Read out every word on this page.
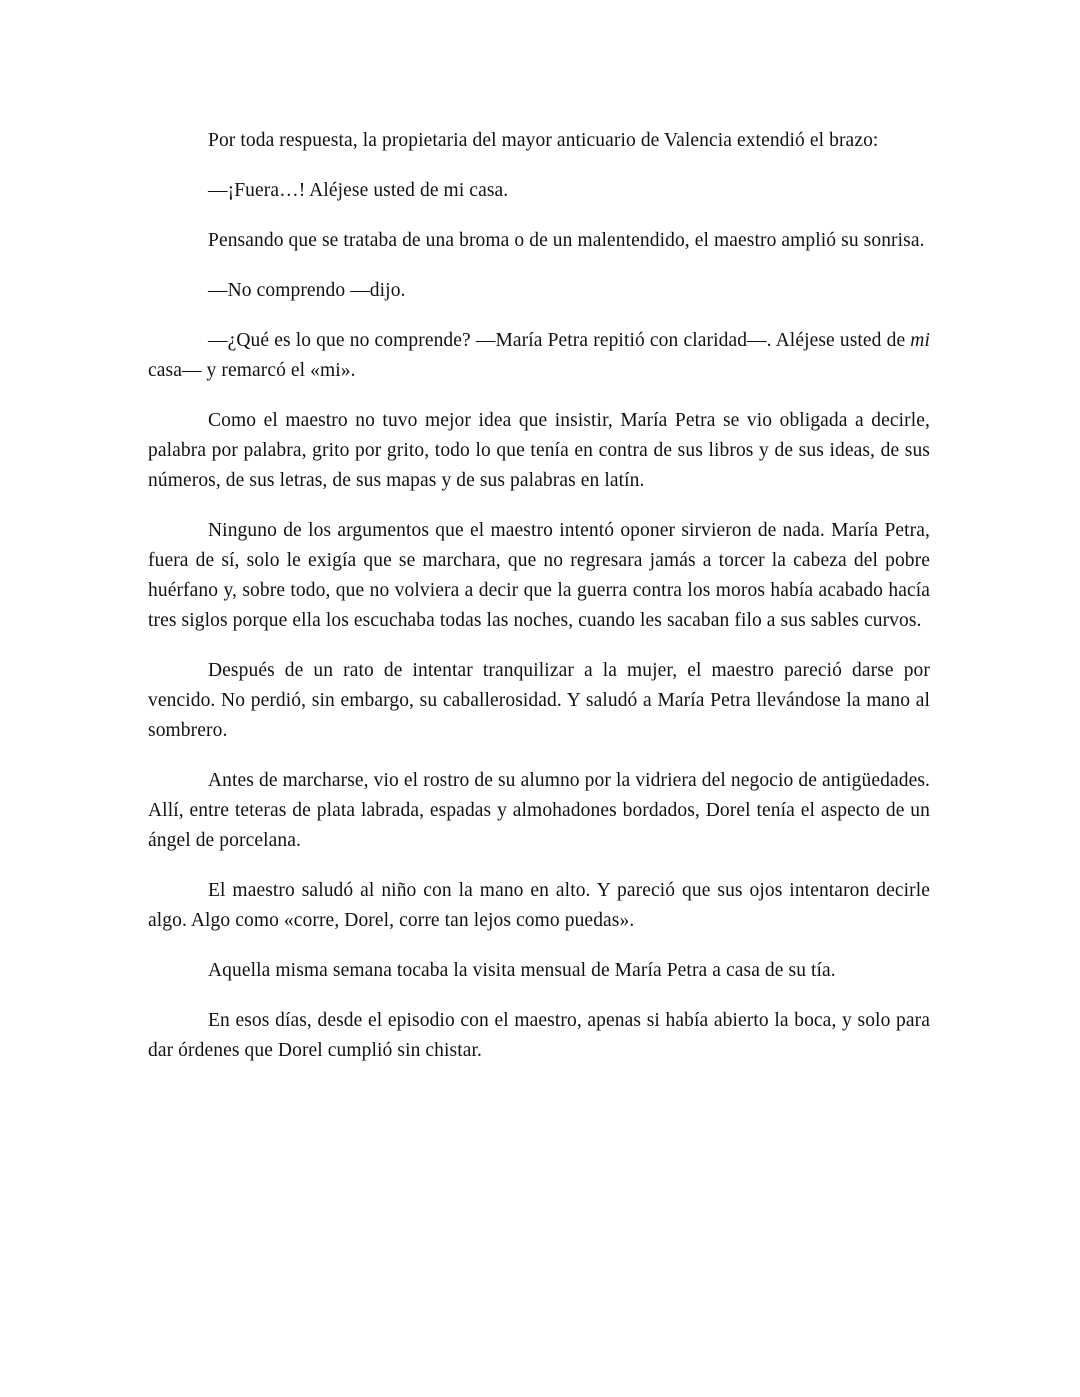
Por toda respuesta, la propietaria del mayor anticuario de Valencia extendió el brazo:

—¡Fuera…! Aléjese usted de mi casa.

Pensando que se trataba de una broma o de un malentendido, el maestro amplió su sonrisa.

—No comprendo —dijo.

—¿Qué es lo que no comprende? —María Petra repitió con claridad—. Aléjese usted de mi casa— y remarcó el «mi».

Como el maestro no tuvo mejor idea que insistir, María Petra se vio obligada a decirle, palabra por palabra, grito por grito, todo lo que tenía en contra de sus libros y de sus ideas, de sus números, de sus letras, de sus mapas y de sus palabras en latín.

Ninguno de los argumentos que el maestro intentó oponer sirvieron de nada. María Petra, fuera de sí, solo le exigía que se marchara, que no regresara jamás a torcer la cabeza del pobre huérfano y, sobre todo, que no volviera a decir que la guerra contra los moros había acabado hacía tres siglos porque ella los escuchaba todas las noches, cuando les sacaban filo a sus sables curvos.

Después de un rato de intentar tranquilizar a la mujer, el maestro pareció darse por vencido. No perdió, sin embargo, su caballerosidad. Y saludó a María Petra llevándose la mano al sombrero.

Antes de marcharse, vio el rostro de su alumno por la vidriera del negocio de antigüedades. Allí, entre teteras de plata labrada, espadas y almohadones bordados, Dorel tenía el aspecto de un ángel de porcelana.

El maestro saludó al niño con la mano en alto. Y pareció que sus ojos intentaron decirle algo. Algo como «corre, Dorel, corre tan lejos como puedas».

Aquella misma semana tocaba la visita mensual de María Petra a casa de su tía.

En esos días, desde el episodio con el maestro, apenas si había abierto la boca, y solo para dar órdenes que Dorel cumplió sin chistar.
